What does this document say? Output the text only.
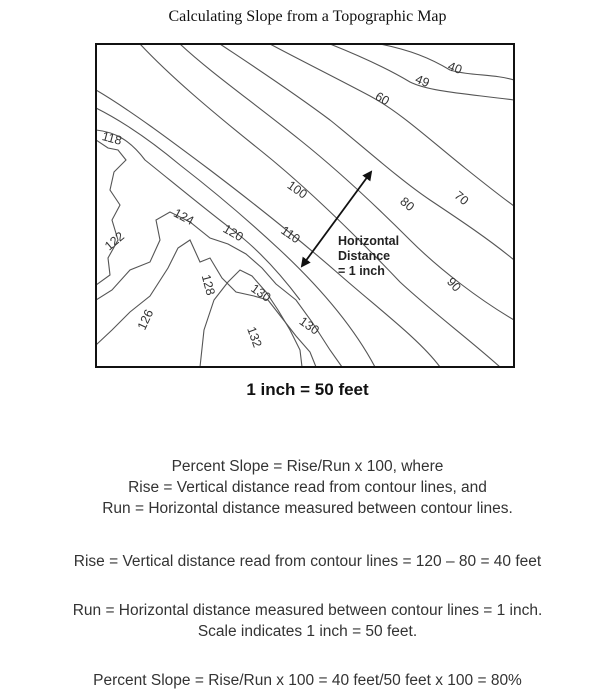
Calculating Slope from a Topographic Map
40
49
60
70
80
90
100
110
118
120
122
124
126
128 130
130
132
Horizontal
Distance
= 1 inch
1 inch = 50 feet
Percent Slope = Rise/Run x 100, where
Rise = Vertical distance read from contour lines, and
Run = Horizontal distance measured between contour lines.
Rise = Vertical distance read from contour lines = 120 – 80 = 40 feet
Run = Horizontal distance measured between contour lines = 1 inch.
Scale indicates 1 inch = 50 feet.
Percent Slope = Rise/Run x 100 = 40 feet/50 feet x 100 = 80%
